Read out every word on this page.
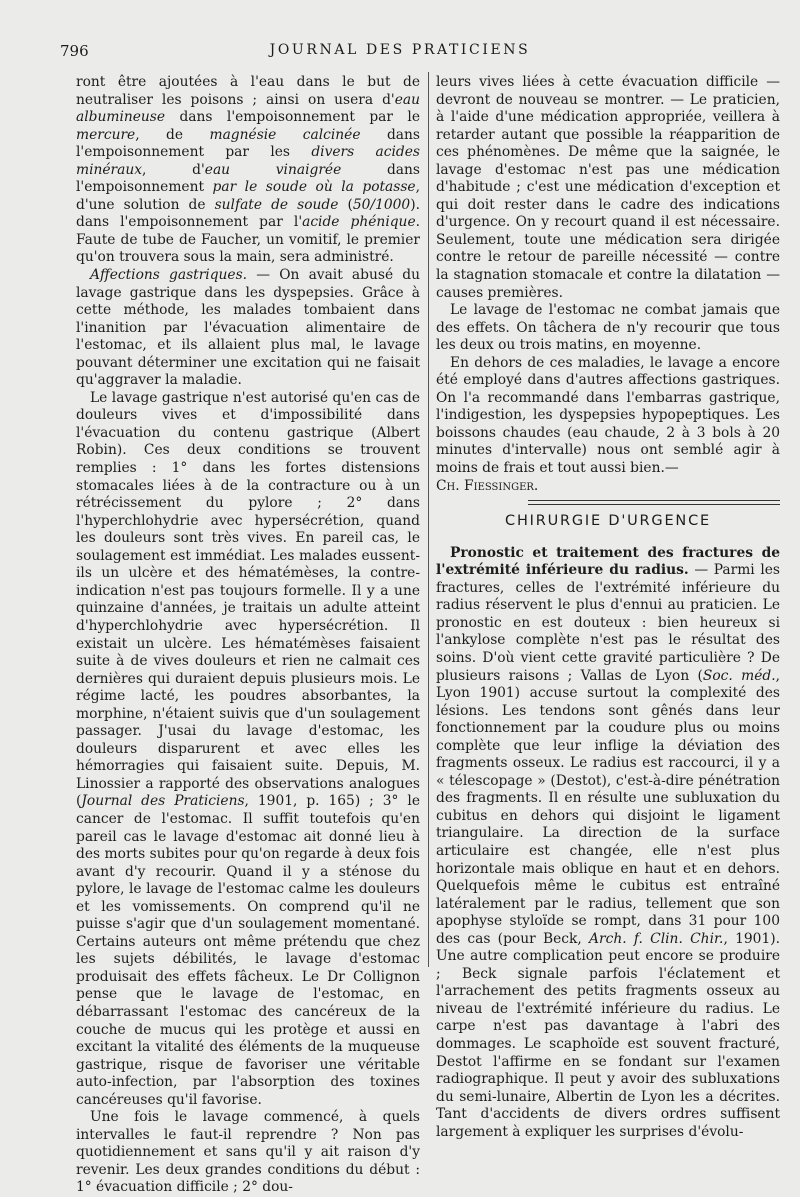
796	JOURNAL DES PRATICIENS

ront être ajoutées à l'eau dans le but de neutraliser les poisons ; ainsi on usera d'eau albumineuse dans l'empoisonnement par le mercure, de magnésie calcinée dans l'empoisonnement par les divers acides minéraux, d'eau vinaigrée dans l'empoisonnement par le soude où la potasse, d'une solution de sulfate de soude (50/1000). dans l'empoisonnement par l'acide phénique. Faute de tube de Faucher, un vomitif, le premier qu'on trouvera sous la main, sera administré.

Affections gastriques. — On avait abusé du lavage gastrique dans les dyspepsies. Grâce à cette méthode, les malades tombaient dans l'inanition par l'évacuation alimentaire de l'estomac, et ils allaient plus mal, le lavage pouvant déterminer une excitation qui ne faisait qu'aggraver la maladie.

Le lavage gastrique n'est autorisé qu'en cas de douleurs vives et d'impossibilité dans l'évacuation du contenu gastrique (Albert Robin). Ces deux conditions se trouvent remplies : 1° dans les fortes distensions stomacales liées à de la contracture ou à un rétrécissement du pylore ; 2° dans l'hyperchlohydrie avec hypersécrétion, quand les douleurs sont très vives. En pareil cas, le soulagement est immédiat. Les malades eussent-ils un ulcère et des hématémèses, la contre-indication n'est pas toujours formelle. Il y a une quinzaine d'années, je traitais un adulte atteint d'hyperchlohydrie avec hypersécrétion. Il existait un ulcère. Les hématémèses faisaient suite à de vives douleurs et rien ne calmait ces dernières qui duraient depuis plusieurs mois. Le régime lacté, les poudres absorbantes, la morphine, n'étaient suivis que d'un soulagement passager. J'usai du lavage d'estomac, les douleurs disparurent et avec elles les hémorragies qui faisaient suite. Depuis, M. Linossier a rapporté des observations analogues (Journal des Praticiens, 1901, p. 165) ; 3° le cancer de l'estomac. Il suffit toutefois qu'en pareil cas le lavage d'estomac ait donné lieu à des morts subites pour qu'on regarde à deux fois avant d'y recourir. Quand il y a sténose du pylore, le lavage de l'estomac calme les douleurs et les vomissements. On comprend qu'il ne puisse s'agir que d'un soulagement momentané. Certains auteurs ont même prétendu que chez les sujets débilités, le lavage d'estomac produisait des effets fâcheux. Le Dr Collignon pense que le lavage de l'estomac, en débarrassant l'estomac des cancéreux de la couche de mucus qui les protège et aussi en excitant la vitalité des éléments de la muqueuse gastrique, risque de favoriser une véritable auto-infection, par l'absorption des toxines cancéreuses qu'il favorise.

Une fois le lavage commencé, à quels intervalles le faut-il reprendre ? Non pas quotidiennement et sans qu'il y ait raison d'y revenir. Les deux grandes conditions du début : 1° évacuation difficile ; 2° dou-

leurs vives liées à cette évacuation difficile — devront de nouveau se montrer. — Le praticien, à l'aide d'une médication appropriée, veillera à retarder autant que possible la réapparition de ces phénomènes. De même que la saignée, le lavage d'estomac n'est pas une médication d'habitude ; c'est une médication d'exception et qui doit rester dans le cadre des indications d'urgence. On y recourt quand il est nécessaire. Seulement, toute une médication sera dirigée contre le retour de pareille nécessité — contre la stagnation stomacale et contre la dilatation — causes premières.

Le lavage de l'estomac ne combat jamais que des effets. On tâchera de n'y recourir que tous les deux ou trois matins, en moyenne.

En dehors de ces maladies, le lavage a encore été employé dans d'autres affections gastriques. On l'a recommandé dans l'embarras gastrique, l'indigestion, les dyspepsies hypopeptiques. Les boissons chaudes (eau chaude, 2 à 3 bols à 20 minutes d'intervalle) nous ont semblé agir à moins de frais et tout aussi bien.—

Ch. Fiessinger.

CHIRURGIE D'URGENCE

Pronostic et traitement des fractures de l'extrémité inférieure du radius. — Parmi les fractures, celles de l'extrémité inférieure du radius réservent le plus d'ennui au praticien. Le pronostic en est douteux : bien heureux si l'ankylose complète n'est pas le résultat des soins. D'où vient cette gravité particulière ? De plusieurs raisons ; Vallas de Lyon (Soc. méd., Lyon 1901) accuse surtout la complexité des lésions. Les tendons sont gênés dans leur fonctionnement par la coudure plus ou moins complète que leur inflige la déviation des fragments osseux. Le radius est raccourci, il y a « télescopage » (Destot), c'est-à-dire pénétration des fragments. Il en résulte une subluxation du cubitus en dehors qui disjoint le ligament triangulaire. La direction de la surface articulaire est changée, elle n'est plus horizontale mais oblique en haut et en dehors. Quelquefois même le cubitus est entraîné latéralement par le radius, tellement que son apophyse styloïde se rompt, dans 31 pour 100 des cas (pour Beck, Arch. f. Clin. Chir., 1901). Une autre complication peut encore se produire ; Beck signale parfois l'éclatement et l'arrachement des petits fragments osseux au niveau de l'extrémité inférieure du radius. Le carpe n'est pas davantage à l'abri des dommages. Le scaphoïde est souvent fracturé, Destot l'affirme en se fondant sur l'examen radiographique. Il peut y avoir des subluxations du semi-lunaire, Albertin de Lyon les a décrites. Tant d'accidents de divers ordres suffisent largement à expliquer les surprises d'évolu-
